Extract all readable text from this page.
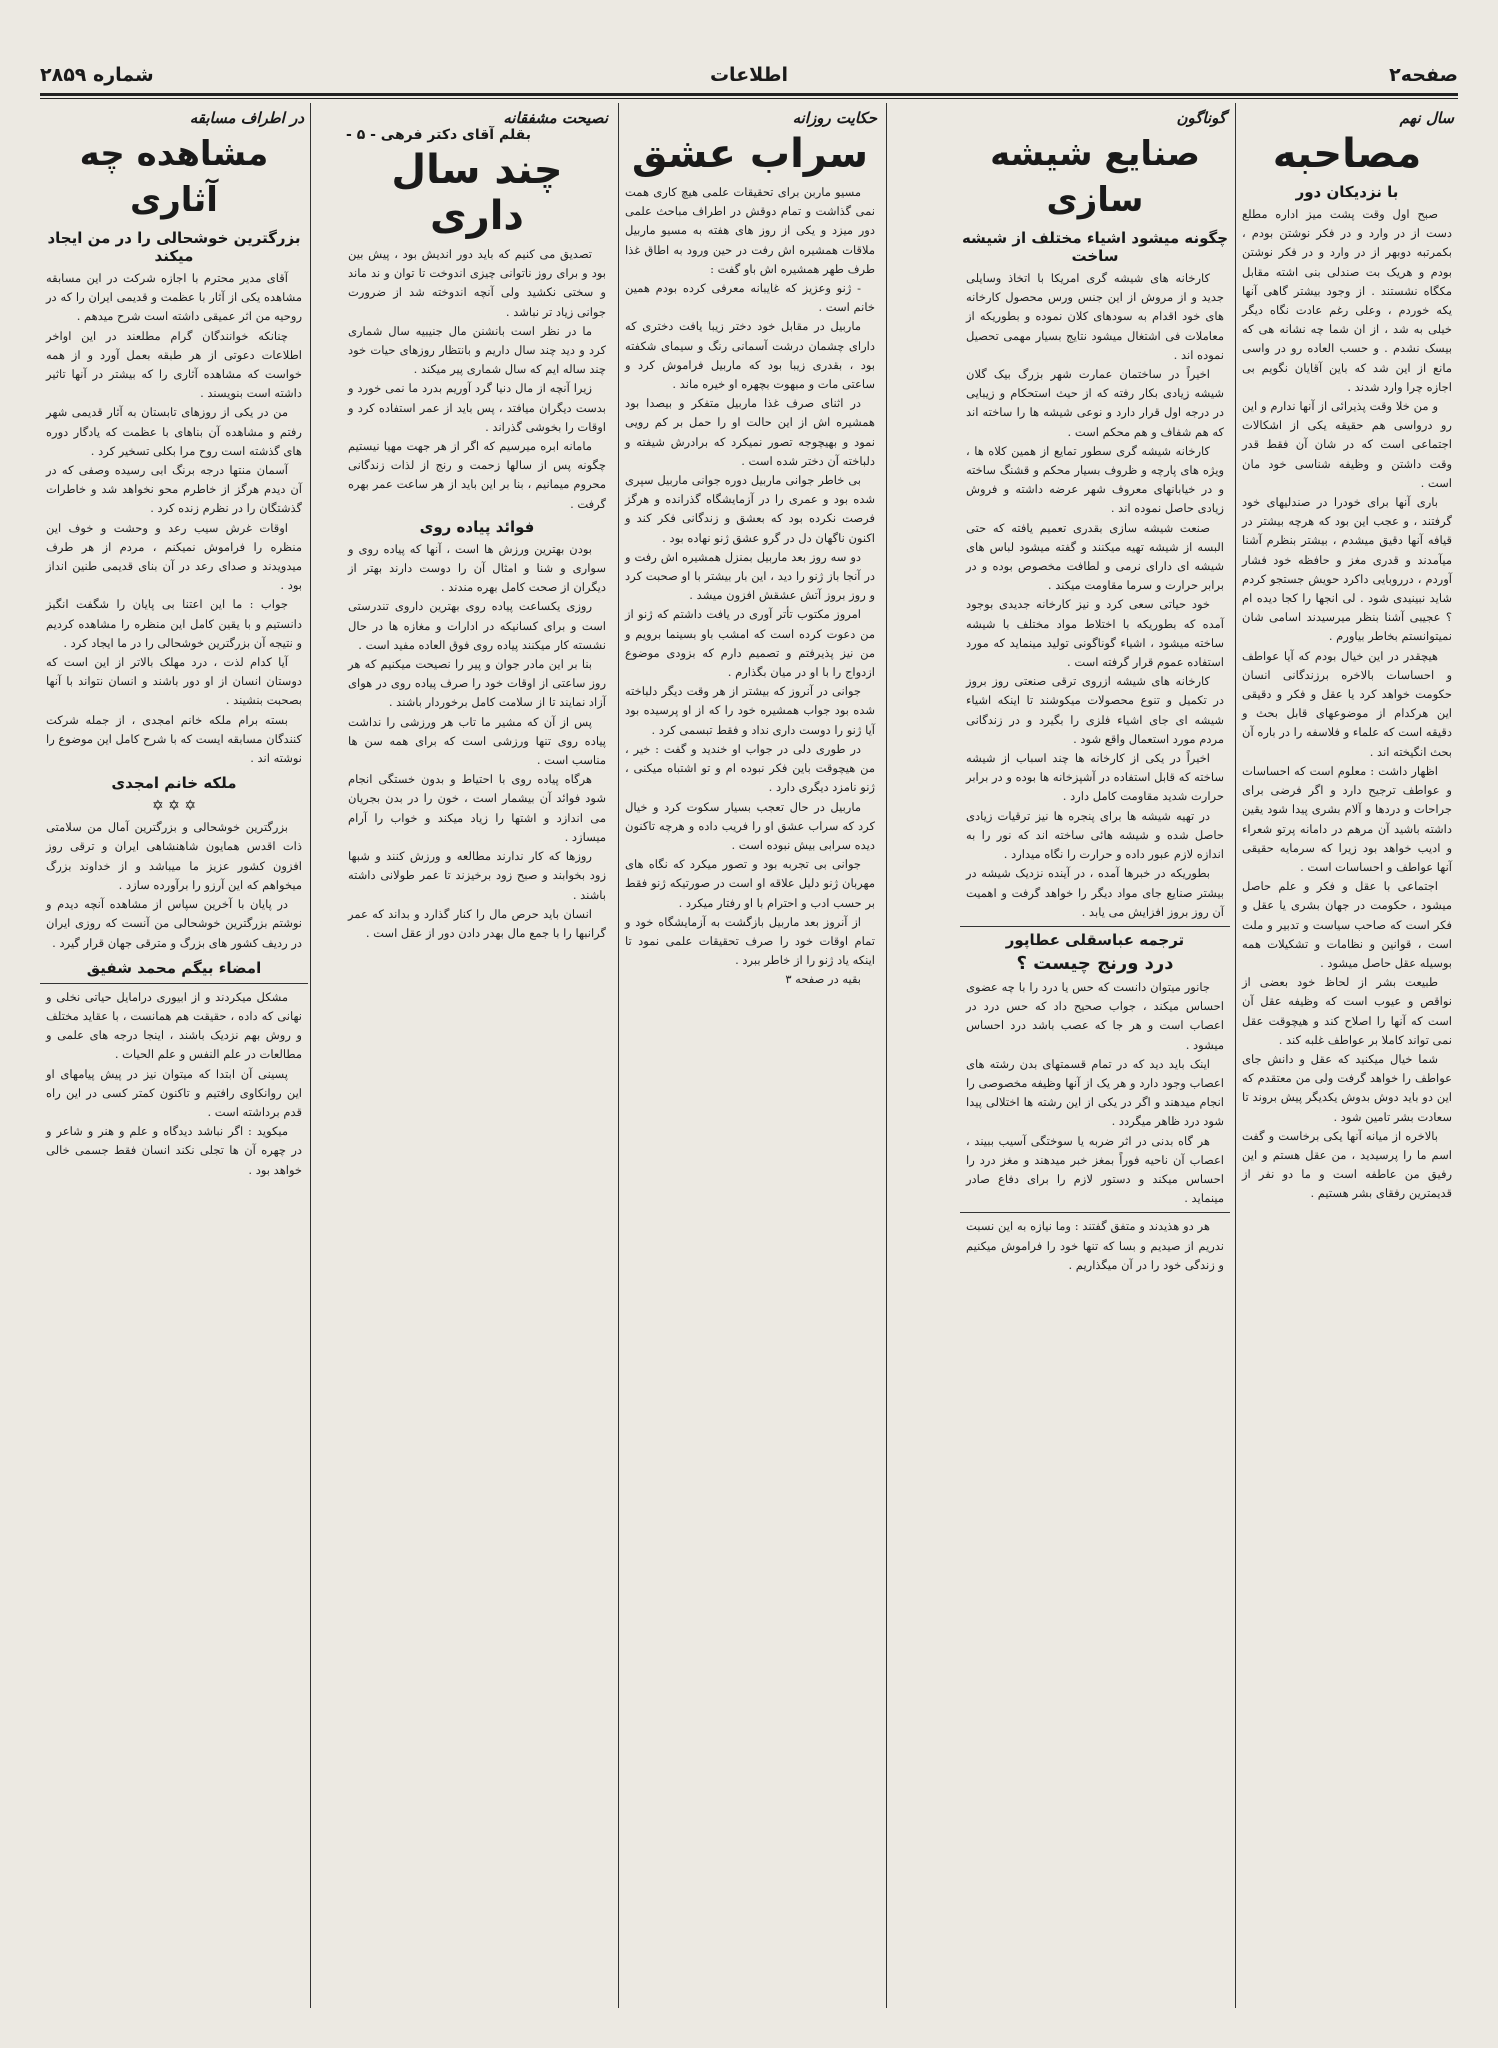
صفحه۲
اطلاعات
شماره ۲۸۵۹
سال نهم
مصاحبه
با نزدیکان دور

صبح اول وقت پشت میز اداره مطلع دست از در وارد و در فکر نوشتن بودم ، بکمرتبه دوبهر از در وارد و در فکر نوشتن بودم و هریک بت صندلی بنی اشته مقابل مکگاه نشستند . از وجود بیشتر گاهی آنها یکه خوردم ، وعلی رغم عادت نگاه دیگر خیلی به شد ، از ان شما چه نشانه هی که بیسک نشدم . و حسب العاده رو در واسی مانع از این شد که باین آقایان نگویم بی اجازه چرا وارد شدند .

و من خلا وقت پذیرائی از آنها ندارم و این رو درواسی هم حقیقه یکی از اشکالات اجتماعی است که در شان آن فقط قدر وقت داشتن و وظیفه شناسی خود مان است .

باری آنها برای خودرا در صندلیهای خود گرفتند ، و عجب این بود که هرچه بیشتر در قیافه آنها دقیق میشدم ، بیشتر بنظرم آشنا میآمدند و قدری مغز و حافظه خود فشار آوردم ، درروبایی داکرد حویش جستجو کردم شاید نبینیدی شود . لی انجها را کجا دیده ام ؟ عجیبی آشنا بنظر میرسیدند اسامی شان نمیتوانستم بخاطر بیاورم .

هیچقدر در این خیال بودم که آیا عواطف و احساسات بالاخره برزندگانی انسان حکومت خواهد کرد یا عقل و فکر و دقیقی این هرکدام از موضوعهای قابل بحث و دقیقه است که علماء و فلاسفه را در باره آن بحث انگیخته اند .

اظهار داشت : معلوم است که احساسات و عواطف ترجیح دارد و اگر فرضی برای جراحات و دردها و آلام بشری پیدا شود یقین داشته باشید آن مرهم در دامانه پرتو شعراء و ادیب خواهد بود زیرا که سرمایه حقیقی آنها عواطف و احساسات است .

اجتماعی با عقل و فکر و علم حاصل میشود ، حکومت در جهان بشری یا عقل و فکر است که صاحب سیاست و تدبیر و ملت است ، قوانین و نظامات و تشکیلات همه بوسیله عقل حاصل میشود .

طبیعت بشر از لحاظ خود بعضی از نواقص و عیوب است که وظیفه عقل آن است که آنها را اصلاح کند و هیچوقت عقل نمی تواند کاملا بر عواطف غلبه کند .

شما خیال میکنید که عقل و دانش جای عواطف را خواهد گرفت ولی من معتقدم که این دو باید دوش بدوش یکدیگر پیش بروند تا سعادت بشر تامین شود .

بالاخره از میانه آنها یکی برخاست و گفت اسم ما را پرسیدید ، من عقل هستم و این رفیق من عاطفه است و ما دو نفر از قدیمترین رفقای بشر هستیم .

گوناگون
صنایع شیشه سازی
چگونه میشود اشیاء مختلف از شیشه ساخت

کارخانه های شیشه گری امریکا با اتخاذ وسایلی جدید و از مروش از این جنس ورس محصول کارخانه های خود اقدام به سودهای کلان نموده و بطوریکه از معاملات فی اشتغال میشود نتایج بسیار مهمی تحصیل نموده اند .

اخیراً در ساختمان عمارت شهر بزرگ بیک گلان شیشه زیادی بکار رفته که از حیث استحکام و زیبایی در درجه اول قرار دارد و نوعی شیشه ها را ساخته اند که هم شفاف و هم محکم است .

کارخانه شیشه گری سطور تمایع از همین کلاه ها ، ویژه های پارچه و ظروف بسیار محکم و قشنگ ساخته و در خیابانهای معروف شهر عرضه داشته و فروش زیادی حاصل نموده اند .

صنعت شیشه سازی بقدری تعمیم یافته که حتی البسه از شیشه تهیه میکنند و گفته میشود لباس های شیشه ای دارای نرمی و لطافت مخصوص بوده و در برابر حرارت و سرما مقاومت میکند .

خود حیاتی سعی کرد و نیز کارخانه جدیدی بوجود آمده که بطوریکه با اختلاط مواد مختلف با شیشه ساخته میشود ، اشیاء گوناگونی تولید مینماید که مورد استفاده عموم قرار گرفته است .

کارخانه های شیشه ازروی ترقی صنعتی روز بروز در تکمیل و تنوع محصولات میکوشند تا اینکه اشیاء شیشه ای جای اشیاء فلزی را بگیرد و در زندگانی مردم مورد استعمال واقع شود .

اخیراً در یکی از کارخانه ها چند اسباب از شیشه ساخته که قابل استفاده در آشپزخانه ها بوده و در برابر حرارت شدید مقاومت کامل دارد .

در تهیه شیشه ها برای پنجره ها نیز ترقیات زیادی حاصل شده و شیشه هائی ساخته اند که نور را به اندازه لازم عبور داده و حرارت را نگاه میدارد .

بطوریکه در خبرها آمده ، در آینده نزدیک شیشه در بیشتر صنایع جای مواد دیگر را خواهد گرفت و اهمیت آن روز بروز افزایش می یابد .

ترجمه عباسقلی عطاپور
درد ورنج چیست ؟

جانور میتوان دانست که حس یا درد را با چه عضوی احساس میکند ، جواب صحیح داد که حس درد در اعصاب است و هر جا که عصب باشد درد احساس میشود .

اینک باید دید که در تمام قسمتهای بدن رشته های اعصاب وجود دارد و هر یک از آنها وظیفه مخصوصی را انجام میدهند و اگر در یکی از این رشته ها اختلالی پیدا شود درد ظاهر میگردد .

هر گاه بدنی در اثر ضربه یا سوختگی آسیب ببیند ، اعصاب آن ناحیه فوراً بمغز خبر میدهند و مغز درد را احساس میکند و دستور لازم را برای دفاع صادر مینماید .

هر دو هذیدند و متفق گفتند : وما نیازه به این نسبت ندریم از صیدیم و بسا که تنها خود را فراموش میکنیم و زندگی خود را در آن میگذاریم .

حکایت روزانه
سراب عشق

مسیو ماربن برای تحقیقات علمی هیچ کاری همت نمی گذاشت و تمام دوقش در اطراف مباحث علمی دور میزد و یکی از روز های هفته به مسیو ماربیل ملاقات همشیره اش رفت در حین ورود به اطاق غذا طرف طهر همشیره اش باو گفت :

- ژنو وعزیز که غایبانه معرفی کرده بودم همین خانم است .

ماربیل در مقابل خود دختر زیبا یافت دختری که دارای چشمان درشت آسمانی رنگ و سیمای شکفته بود ، بقدری زیبا بود که ماربیل فراموش کرد و ساعتی مات و مبهوت بچهره او خیره ماند .

در اثنای صرف غذا ماربیل متفکر و بیصدا بود همشیره اش از این حالت او را حمل بر کم رویی نمود و بهیچوجه تصور نمیکرد که برادرش شیفته و دلباخته آن دختر شده است .

بی خاطر جوانی ماربیل دوره جوانی ماربیل سپری شده بود و عمری را در آزمایشگاه گذرانده و هرگز فرصت نکرده بود که بعشق و زندگانی فکر کند و اکنون ناگهان دل در گرو عشق ژنو نهاده بود .

دو سه روز بعد ماربیل بمنزل همشیره اش رفت و در آنجا باز ژنو را دید ، این بار بیشتر با او صحبت کرد و روز بروز آتش عشقش افزون میشد .

امروز مکتوب تأتر آوری در یافت داشتم که ژنو از من دعوت کرده است که امشب باو بسینما برویم و من نیز پذیرفتم و تصمیم دارم که بزودی موضوع ازدواج را با او در میان بگذارم .

جوانی در آنروز که بیشتر از هر وقت دیگر دلباخته شده بود جواب همشیره خود را که از او پرسیده بود آیا ژنو را دوست داری نداد و فقط تبسمی کرد .

در طوری دلی در جواب او خندید و گفت : خیر ، من هیچوقت باین فکر نبوده ام و تو اشتباه میکنی ، ژنو نامزد دیگری دارد .

ماربیل در حال تعجب بسیار سکوت کرد و خیال کرد که سراب عشق او را فریب داده و هرچه تاکنون دیده سرابی بیش نبوده است .

جوانی بی تجربه بود و تصور میکرد که نگاه های مهربان ژنو دلیل علاقه او است در صورتیکه ژنو فقط بر حسب ادب و احترام با او رفتار میکرد .

از آنروز بعد ماربیل بازگشت به آزمایشگاه خود و تمام اوقات خود را صرف تحقیقات علمی نمود تا اینکه یاد ژنو را از خاطر ببرد .

بقیه در صفحه ۳

نصیحت مشفقانه
بقلم آقای دکتر فرهی - ۵ -
چند سال داری

تصدیق می کنیم که باید دور اندیش بود ، پیش بین بود و برای روز ناتوانی چیزی اندوخت تا توان و ند ماند و سختی نکشید ولی آنچه اندوخته شد از ضرورت جوانی زیاد تر نباشد .

ما در نظر است بانشنن مال جنیبیه سال شماری کرد و دید چند سال داریم و بانتظار روزهای حیات خود چند ساله ایم که سال شماری پیر میکند .

زیرا آنچه از مال دنیا گرد آوریم بدرد ما نمی خورد و بدست دیگران میافتد ، پس باید از عمر استفاده کرد و اوقات را بخوشی گذراند .

مامانه ابره میرسیم که اگر از هر جهت مهیا نیستیم چگونه پس از سالها زحمت و رنج از لذات زندگانی محروم میمانیم ، بنا بر این باید از هر ساعت عمر بهره گرفت .

فوائد پیاده روی

بودن بهترین ورزش ها است ، آنها که پیاده روی و سواری و شنا و امثال آن را دوست دارند بهتر از دیگران از صحت کامل بهره مندند .

روزی یکساعت پیاده روی بهترین داروی تندرستی است و برای کسانیکه در ادارات و مغازه ها در حال نشسته کار میکنند پیاده روی فوق العاده مفید است .

بنا بر این مادر جوان و پیر را نصیحت میکنیم که هر روز ساعتی از اوقات خود را صرف پیاده روی در هوای آزاد نمایند تا از سلامت کامل برخوردار باشند .

پس از آن که مشیر ما تاب هر ورزشی را نداشت پیاده روی تنها ورزشی است که برای همه سن ها مناسب است .

هرگاه پیاده روی با احتیاط و بدون خستگی انجام شود فوائد آن بیشمار است ، خون را در بدن بجریان می اندازد و اشتها را زیاد میکند و خواب را آرام میسازد .

روزها که کار ندارند مطالعه و ورزش کنند و شبها زود بخوابند و صبح زود برخیزند تا عمر طولانی داشته باشند .

انسان باید حرص مال را کنار گذارد و بداند که عمر گرانبها را با جمع مال بهدر دادن دور از عقل است .

در اطراف مسابقه
مشاهده چه آثاری
بزرگترین خوشحالی را در من ایجاد میکند

آقای مدیر محترم با اجازه شرکت در این مسابقه مشاهده یکی از آثار با عظمت و قدیمی ایران را که در روحیه من اثر عمیقی داشته است شرح میدهم .

چنانکه خوانندگان گرام مطلعند در این اواخر اطلاعات دعوتی از هر طبقه بعمل آورد و از همه خواست که مشاهده آثاری را که بیشتر در آنها تاثیر داشته است بنویسند .

من در یکی از روزهای تابستان به آثار قدیمی شهر رفتم و مشاهده آن بناهای با عظمت که یادگار دوره های گذشته است روح مرا بکلی تسخیر کرد .

آسمان منتها درجه برنگ ابی رسیده وصفی که در آن دیدم هرگز از خاطرم محو نخواهد شد و خاطرات گذشتگان را در نظرم زنده کرد .

اوقات غرش سیب رعد و وحشت و خوف این منظره را فراموش نمیکنم ، مردم از هر طرف میدویدند و صدای رعد در آن بنای قدیمی طنین انداز بود .

جواب : ما این اعتنا بی پایان را شگفت انگیز دانستیم و با یقین کامل این منظره را مشاهده کردیم و نتیجه آن بزرگترین خوشحالی را در ما ایجاد کرد .

آیا کدام لذت ، درد مهلک بالاتر از این است که دوستان انسان از او دور باشند و انسان نتواند با آنها بصحبت بنشیند .

بسته برام ملکه خانم امجدی ، از جمله شرکت کنندگان مسابقه ایست که با شرح کامل این موضوع را نوشته اند .

ملکه خانم امجدی
✡ ✡ ✡

بزرگترین خوشحالی و بزرگترین آمال من سلامتی ذات اقدس همایون شاهنشاهی ایران و ترقی روز افزون کشور عزیز ما میباشد و از خداوند بزرگ میخواهم که این آرزو را برآورده سازد .

در پایان با آخرین سپاس از مشاهده آنچه دیدم و نوشتم بزرگترین خوشحالی من آنست که روزی ایران در ردیف کشور های بزرگ و مترقی جهان قرار گیرد .

امضاء بیگم محمد شفیق

مشکل میکردند و از ابیورى درامایل حیاتی نخلی و نهانی که داده ، حقیقت هم همانست ، با عقاید مختلف و روش بهم نزدیک باشند ، اینجا درجه های علمی و مطالعات در علم النفس و علم الحیات .

پسینی آن ابتدا که میتوان نیز در پیش پیامهای او این روانکاوی رافتیم و تاکنون کمتر کسی در این راه قدم برداشته است .

میکوید : اگر نباشد دیدگاه و علم و هنر و شاعر و در چهره آن ها تجلی نکند انسان فقط جسمی خالی خواهد بود .
